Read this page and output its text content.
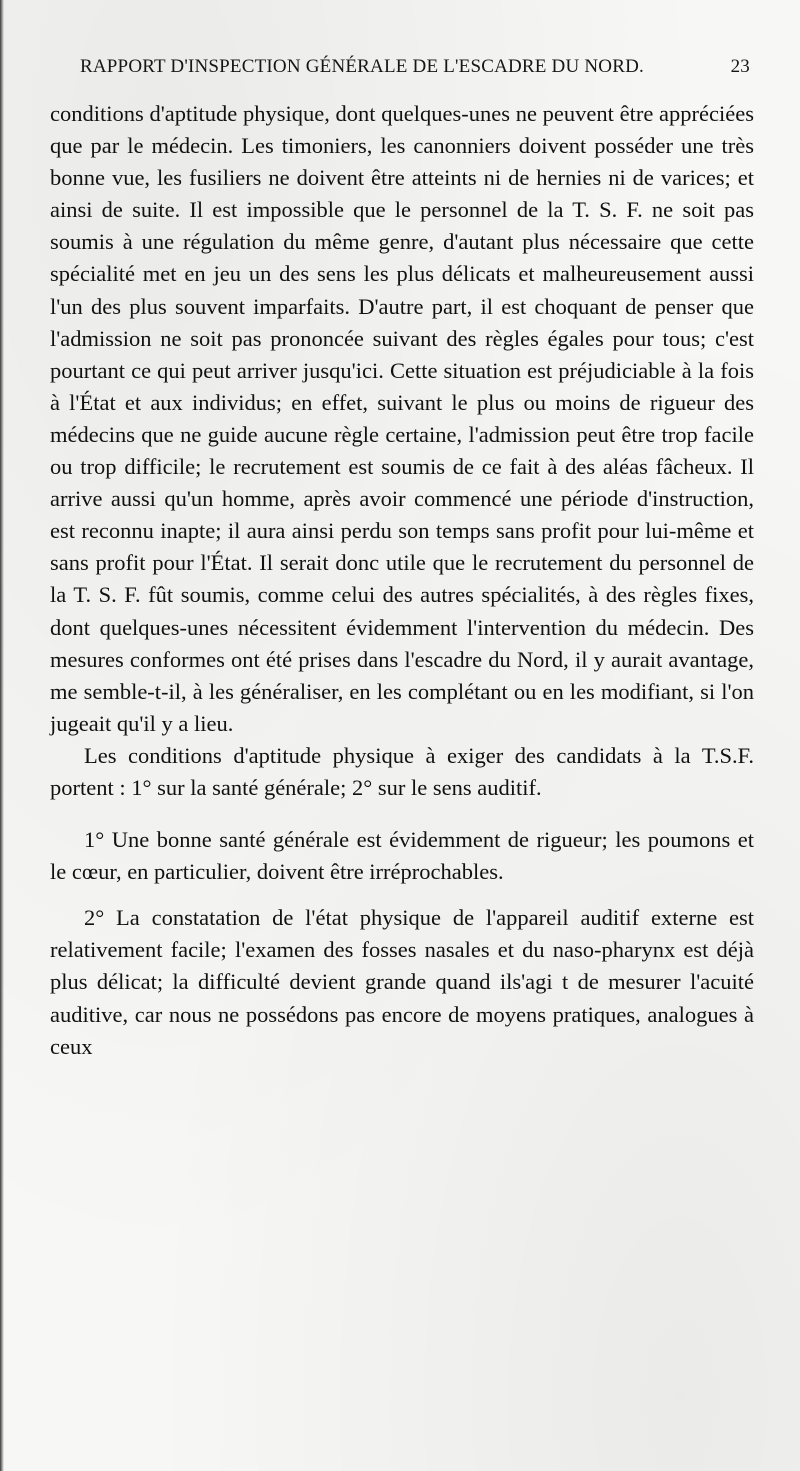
RAPPORT D'INSPECTION GÉNÉRALE DE L'ESCADRE DU NORD.	23

conditions d'aptitude physique, dont quelques-unes ne peuvent être appréciées que par le médecin. Les timoniers, les canonniers doivent posséder une très bonne vue, les fusiliers ne doivent être atteints ni de hernies ni de varices; et ainsi de suite. Il est impossible que le personnel de la T. S. F. ne soit pas soumis à une régulation du même genre, d'autant plus nécessaire que cette spécialité met en jeu un des sens les plus délicats et malheureusement aussi l'un des plus souvent imparfaits. D'autre part, il est choquant de penser que l'admission ne soit pas prononcée suivant des règles égales pour tous; c'est pourtant ce qui peut arriver jusqu'ici. Cette situation est préjudiciable à la fois à l'État et aux individus; en effet, suivant le plus ou moins de rigueur des médecins que ne guide aucune règle certaine, l'admission peut être trop facile ou trop difficile; le recrutement est soumis de ce fait à des aléas fâcheux. Il arrive aussi qu'un homme, après avoir commencé une période d'instruction, est reconnu inapte; il aura ainsi perdu son temps sans profit pour lui-même et sans profit pour l'État. Il serait donc utile que le recrutement du personnel de la T. S. F. fût soumis, comme celui des autres spécialités, à des règles fixes, dont quelques-unes nécessitent évidemment l'intervention du médecin. Des mesures conformes ont été prises dans l'escadre du Nord, il y aurait avantage, me semble-t-il, à les généraliser, en les complétant ou en les modifiant, si l'on jugeait qu'il y a lieu.

Les conditions d'aptitude physique à exiger des candidats à la T.S.F. portent : 1° sur la santé générale; 2° sur le sens auditif.

1° Une bonne santé générale est évidemment de rigueur; les poumons et le cœur, en particulier, doivent être irréprochables.

2° La constatation de l'état physique de l'appareil auditif externe est relativement facile; l'examen des fosses nasales et du naso-pharynx est déjà plus délicat; la difficulté devient grande quand ils'agi t de mesurer l'acuité auditive, car nous ne possédons pas encore de moyens pratiques, analogues à ceux
